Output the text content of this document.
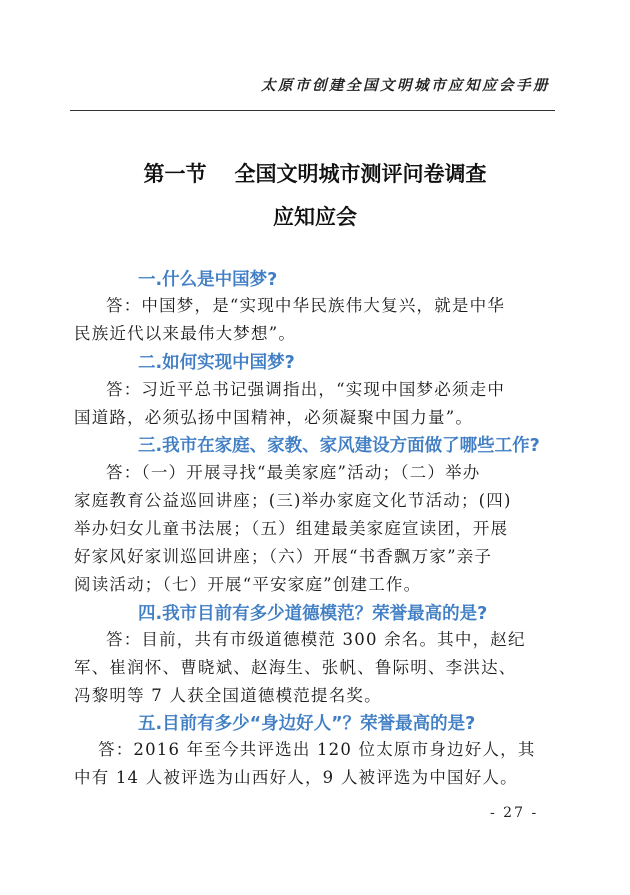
太原市创建全国文明城市应知应会手册
第一节 全国文明城市测评问卷调查
应知应会
一.什么是中国梦?
答：中国梦，是“实现中华民族伟大复兴，就是中华
民族近代以来最伟大梦想”。
二.如何实现中国梦?
答：习近平总书记强调指出，“实现中国梦必须走中
国道路，必须弘扬中国精神，必须凝聚中国力量”。
三.我市在家庭、家教、家风建设方面做了哪些工作?
答：（一）开展寻找“最美家庭”活动；（二）举办
家庭教育公益巡回讲座；(三)举办家庭文化节活动；(四)
举办妇女儿童书法展；（五）组建最美家庭宣读团，开展
好家风好家训巡回讲座；（六）开展“书香飘万家”亲子
阅读活动；（七）开展“平安家庭”创建工作。
四.我市目前有多少道德模范？荣誉最高的是?
答：目前，共有市级道德模范 300 余名。其中，赵纪
军、崔润怀、曹晓斌、赵海生、张帆、鲁际明、李洪达、
冯黎明等 7 人获全国道德模范提名奖。
五.目前有多少“身边好人”？荣誉最高的是?
答：2016 年至今共评选出 120 位太原市身边好人，其
中有 14 人被评选为山西好人，9 人被评选为中国好人。
- 27 -
